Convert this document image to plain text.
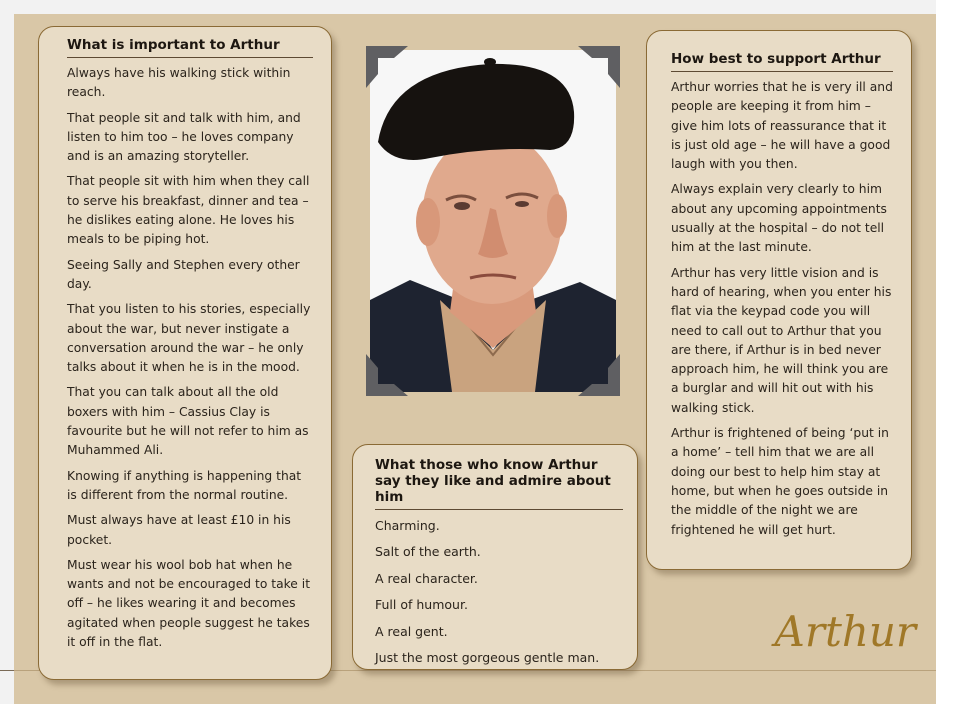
What is important to Arthur

Always have his walking stick within reach.

That people sit and talk with him, and listen to him too – he loves company and is an amazing storyteller.

That people sit with him when they call to serve his breakfast, dinner and tea – he dislikes eating alone. He loves his meals to be piping hot.

Seeing Sally and Stephen every other day.

That you listen to his stories, especially about the war, but never instigate a conversation around the war – he only talks about it when he is in the mood.

That you can talk about all the old boxers with him – Cassius Clay is favourite but he will not refer to him as Muhammed Ali.

Knowing if anything is happening that is different from the normal routine.

Must always have at least £10 in his pocket.

Must wear his wool bob hat when he wants and not be encouraged to take it off – he likes wearing it and becomes agitated when people suggest he takes it off in the flat.

What those who know Arthur say they like and admire about him

Charming.

Salt of the earth.

A real character.

Full of humour.

A real gent.

Just the most gorgeous gentle man.

How best to support Arthur

Arthur worries that he is very ill and people are keeping it from him – give him lots of reassurance that it is just old age – he will have a good laugh with you then.

Always explain very clearly to him about any upcoming appointments usually at the hospital – do not tell him at the last minute.

Arthur has very little vision and is hard of hearing, when you enter his flat via the keypad code you will need to call out to Arthur that you are there, if Arthur is in bed never approach him, he will think you are a burglar and will hit out with his walking stick.

Arthur is frightened of being ‘put in a home’ – tell him that we are all doing our best to help him stay at home, but when he goes outside in the middle of the night we are frightened he will get hurt.

Arthur
